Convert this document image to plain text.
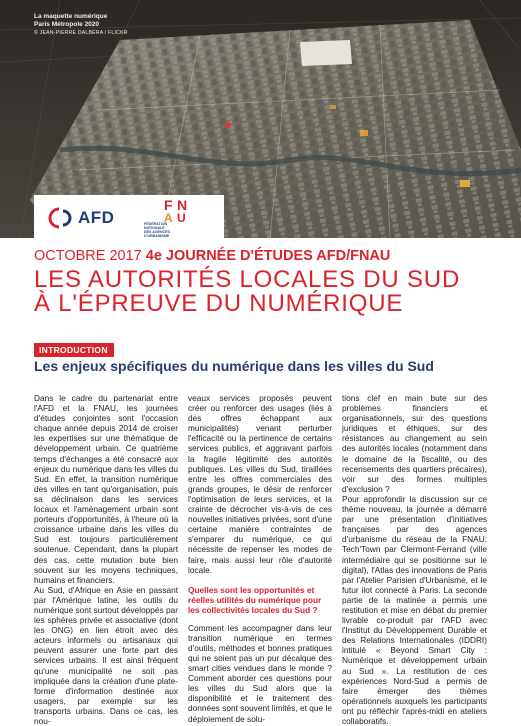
La maquette numérique
Paris Métropole 2020
© JEAN-PIERRE DALBÉRA / FLICKR
AFD
F N
A U
FÉDÉRATION
NATIONALE
DES AGENCES
D'URBANISME
OCTOBRE 2017 4e JOURNÉE D'ÉTUDES AFD/FNAU
LES AUTORITÉS LOCALES DU SUD
À L'ÉPREUVE DU NUMÉRIQUE
INTRODUCTION
Les enjeux spécifiques du numérique dans les villes du Sud

Dans le cadre du partenariat entre l'AFD et la FNAU, les journées d'études conjointes sont l'occasion chaque année depuis 2014 de croiser les expertises sur une thématique de développement urbain. Ce quatrième temps d'échanges a été consacré aux enjeux du numérique dans les villes du Sud. En effet, la transition numérique des villes en tant qu'organisation, puis sa déclinaison dans les services locaux et l'aménagement urbain sont porteurs d'opportunités, à l'heure où la croissance urbaine dans les villes du Sud est toujours particulièrement soutenue. Cependant, dans la plupart des cas, cette mutation bute bien souvent sur les moyens techniques, humains et financiers.

Au Sud, d'Afrique en Asie en passant par l'Amérique latine, les outils du numérique sont surtout développés par les sphères privée et associative (dont les ONG) en lien étroit avec des acteurs informels ou artisanaux qui peuvent assurer une forte part des services urbains. Il est ainsi fréquent qu'une municipalité ne soit pas impliquée dans la création d'une plate-forme d'information destinée aux usagers, par exemple sur les transports urbains. Dans ce cas, les nou-

veaux services proposés peuvent créer ou renforcer des usages (liés à des offres échappant aux municipalités) venant perturber l'efficacité ou la pertinence de certains services publics, et aggravant parfois la fragile légitimité des autorités publiques. Les villes du Sud, tiraillées entre les offres commerciales des grands groupes, le désir de renforcer l'optimisation de leurs services, et la crainte de décrocher vis-à-vis de ces nouvelles initiatives privées, sont d'une certaine manière contraintes de s'emparer du numérique, ce qui nécessite de repenser les modes de faire, mais aussi leur rôle d'autorité locale.

Quelles sont les opportunités et réelles utilités du numérique pour les collectivités locales du Sud ?

Comment les accompagner dans leur transition numérique en termes d'outils, méthodes et bonnes pratiques qui ne soient pas un pur décalque des smart cities vendues dans le monde ? Comment aborder ces questions pour les villes du Sud alors que la disponibilité et le traitement des données sont souvent limités, et que le déploiement de solu-

tions clef en main bute sur des problèmes financiers et organisationnels, sur des questions juridiques et éthiques, sur des résistances au changement au sein des autorités locales (notamment dans le domaine de la fiscalité, ou des recensements des quartiers précaires), voir sur des formes multiples d'exclusion ?

Pour approfondir la discussion sur ce thème nouveau, la journée a démarré par une présentation d'initiatives françaises par des agences d'urbanisme du réseau de la FNAU: Tech'Town par Clermont-Ferrand (ville intermédiaire qui se positionne sur le digital), l'Atlas des innovations de Paris par l'Atelier Parisien d'Urbanisme, et le futur ilot connecté à Paris. La seconde partie de la matinée a permis une restitution et mise en débat du premier livrable co-produit par l'AFD avec l'Institut du Développement Durable et des Relations Internationales (IDDRI) intitulé « Beyond Smart City : Numérique et développement urbain au Sud ». La restitution de ces expériences Nord-Sud a permis de faire émerger des thèmes opérationnels auxquels les participants ont pu réfléchir l'après-midi en ateliers collaboratifs.
